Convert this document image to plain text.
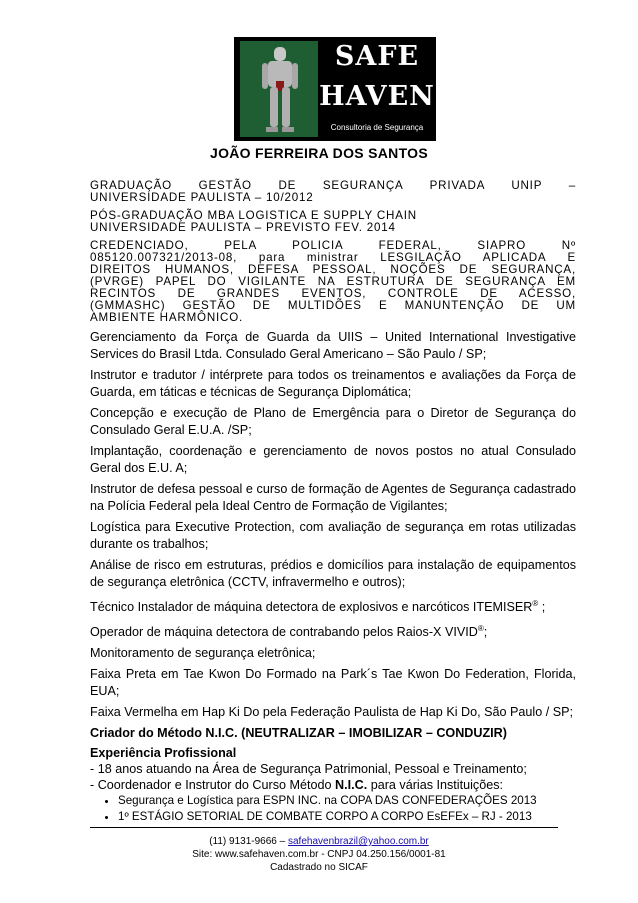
SAFE
HAVEN
Consultoria de Segurança
JOÃO FERREIRA DOS SANTOS
GRADUAÇÃO GESTÃO DE SEGURANÇA PRIVADA UNIP –
UNIVERSIDADE PAULISTA – 10/2012
PÓS-GRADUAÇÃO MBA LOGISTICA E SUPPLY CHAIN
UNIVERSIDADE PAULISTA – PREVISTO FEV. 2014
CREDENCIADO, PELA POLICIA FEDERAL, SIAPRO Nº
085120.007321/2013-08, para ministrar LESGILAÇÃO APLICADA E
DIREITOS HUMANOS, DEFESA PESSOAL, NOÇÕES DE SEGURANÇA,
(PVRGE) PAPEL DO VIGILANTE NA ESTRUTURA DE SEGURANÇA EM
RECINTOS DE GRANDES EVENTOS, CONTROLE DE ACESSO,
(GMMASHC) GESTÃO DE MULTIDÕES E MANUNTENÇÃO DE UM
AMBIENTE HARMÔNICO.

Gerenciamento da Força de Guarda da UIIS – United International Investigative Services do Brasil Ltda. Consulado Geral Americano – São Paulo / SP;

Instrutor e tradutor / intérprete para todos os treinamentos e avaliações da Força de Guarda, em táticas e técnicas de Segurança Diplomática;

Concepção e execução de Plano de Emergência para o Diretor de Segurança do Consulado Geral E.U.A. /SP;

Implantação, coordenação e gerenciamento de novos postos no atual Consulado Geral dos E.U. A;

Instrutor de defesa pessoal e curso de formação de Agentes de Segurança cadastrado na Polícia Federal pela Ideal Centro de Formação de Vigilantes;

Logística para Executive Protection, com avaliação de segurança em rotas utilizadas durante os trabalhos;

Análise de risco em estruturas, prédios e domicílios para instalação de equipamentos de segurança eletrônica (CCTV, infravermelho e outros);

Técnico Instalador de máquina detectora de explosivos e narcóticos ITEMISER® ;

Operador de máquina detectora de contrabando pelos Raios-X VIVID®;

Monitoramento de segurança eletrônica;

Faixa Preta em Tae Kwon Do Formado na Park´s Tae Kwon Do Federation, Florida, EUA;

Faixa Vermelha em Hap Ki Do pela Federação Paulista de Hap Ki Do, São Paulo / SP;

Criador do Método N.I.C. (NEUTRALIZAR – IMOBILIZAR – CONDUZIR)

Experiência Profissional
- 18 anos atuando na Área de Segurança Patrimonial, Pessoal e Treinamento;
- Coordenador e Instrutor do Curso Método N.I.C. para várias Instituições:
• Segurança e Logística para ESPN INC. na COPA DAS CONFEDERAÇÕES 2013
• 1º ESTÁGIO SETORIAL DE COMBATE CORPO A CORPO EsEFEx – RJ - 2013
(11) 9131-9666 – safehavenbrazil@yahoo.com.br
Site: www.safehaven.com.br - CNPJ 04.250.156/0001-81
Cadastrado no SICAF
